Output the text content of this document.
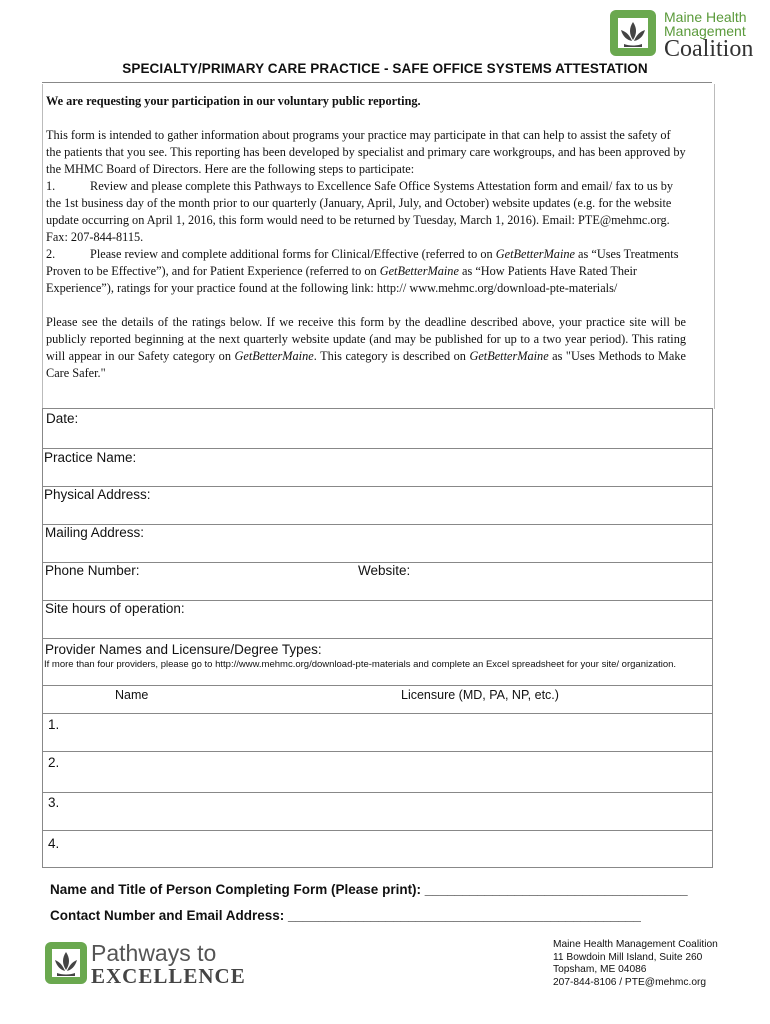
Maine Health
Management
Coalition
SPECIALTY/PRIMARY CARE PRACTICE - SAFE OFFICE SYSTEMS ATTESTATION

We are requesting your participation in our voluntary public reporting.

This form is intended to gather information about programs your practice may participate in that can help to assist the safety of the patients that you see. This reporting has been developed by specialist and primary care workgroups, and has been approved by the MHMC Board of Directors. Here are the following steps to participate:

1.	Review and please complete this Pathways to Excellence Safe Office Systems Attestation form and email/ fax to us by the 1st business day of the month prior to our quarterly (January, April, July, and October) website updates (e.g. for the website update occurring on April 1, 2016, this form would need to be returned by Tuesday, March 1, 2016). Email: PTE@mehmc.org. Fax: 207-844-8115.

2.	Please review and complete additional forms for Clinical/Effective (referred to on GetBetterMaine as “Uses Treatments Proven to be Effective”), and for Patient Experience (referred to on GetBetterMaine as “How Patients Have Rated Their Experience”), ratings for your practice found at the following link: http:// www.mehmc.org/download-pte-materials/

Please see the details of the ratings below. If we receive this form by the deadline described above, your practice site will be publicly reported beginning at the next quarterly website update (and may be published for up to a two year period). This rating will appear in our Safety category on GetBetterMaine. This category is described on GetBetterMaine as "Uses Methods to Make Care Safer."

Date:
Practice Name:
Physical Address:
Mailing Address:
Phone Number:	Website:
Site hours of operation:
Provider Names and Licensure/Degree Types:
If more than four providers, please go to http://www.mehmc.org/download-pte-materials and complete an Excel spreadsheet for your site/ organization.
Name	Licensure (MD, PA, NP, etc.)
1.
2.
3.
4.
Name and Title of Person Completing Form (Please print): ___________________________________
Contact Number and Email Address: _______________________________________________
Pathways to
EXCELLENCE
Maine Health Management Coalition
11 Bowdoin Mill Island, Suite 260
Topsham, ME 04086
207-844-8106 / PTE@mehmc.org
